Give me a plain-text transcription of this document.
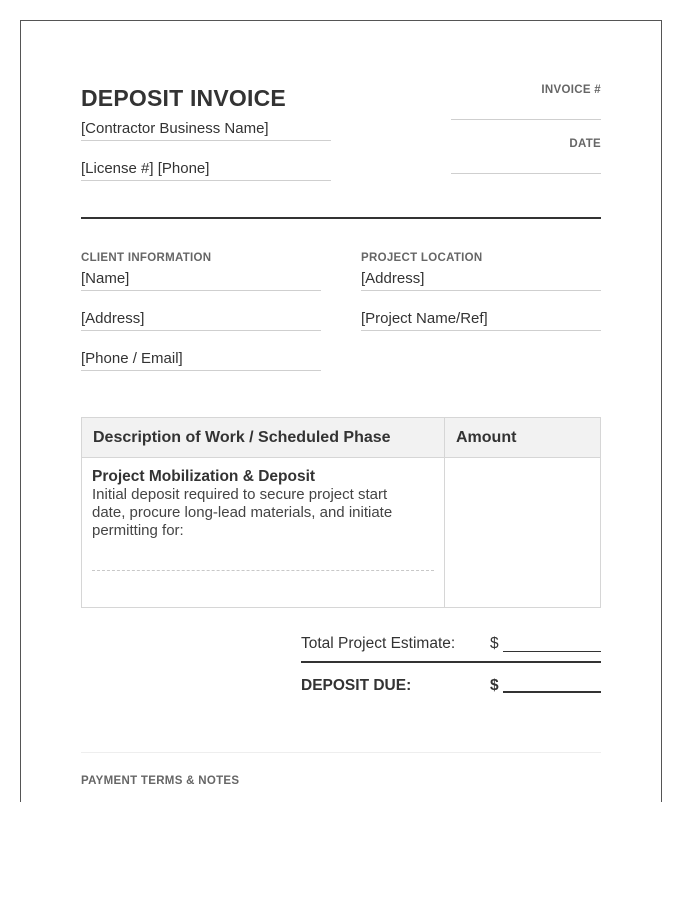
DEPOSIT INVOICE
[Contractor Business Name]
[License #] [Phone]
INVOICE #
DATE
CLIENT INFORMATION
[Name]
[Address]
[Phone / Email]
PROJECT LOCATION
[Address]
[Project Name/Ref]
Description of Work / Scheduled Phase	Amount

Project Mobilization & Deposit
Initial deposit required to secure project start date, procure long-lead materials, and initiate permitting for:	

Total Project Estimate: $
DEPOSIT DUE:	$
PAYMENT TERMS & NOTES
